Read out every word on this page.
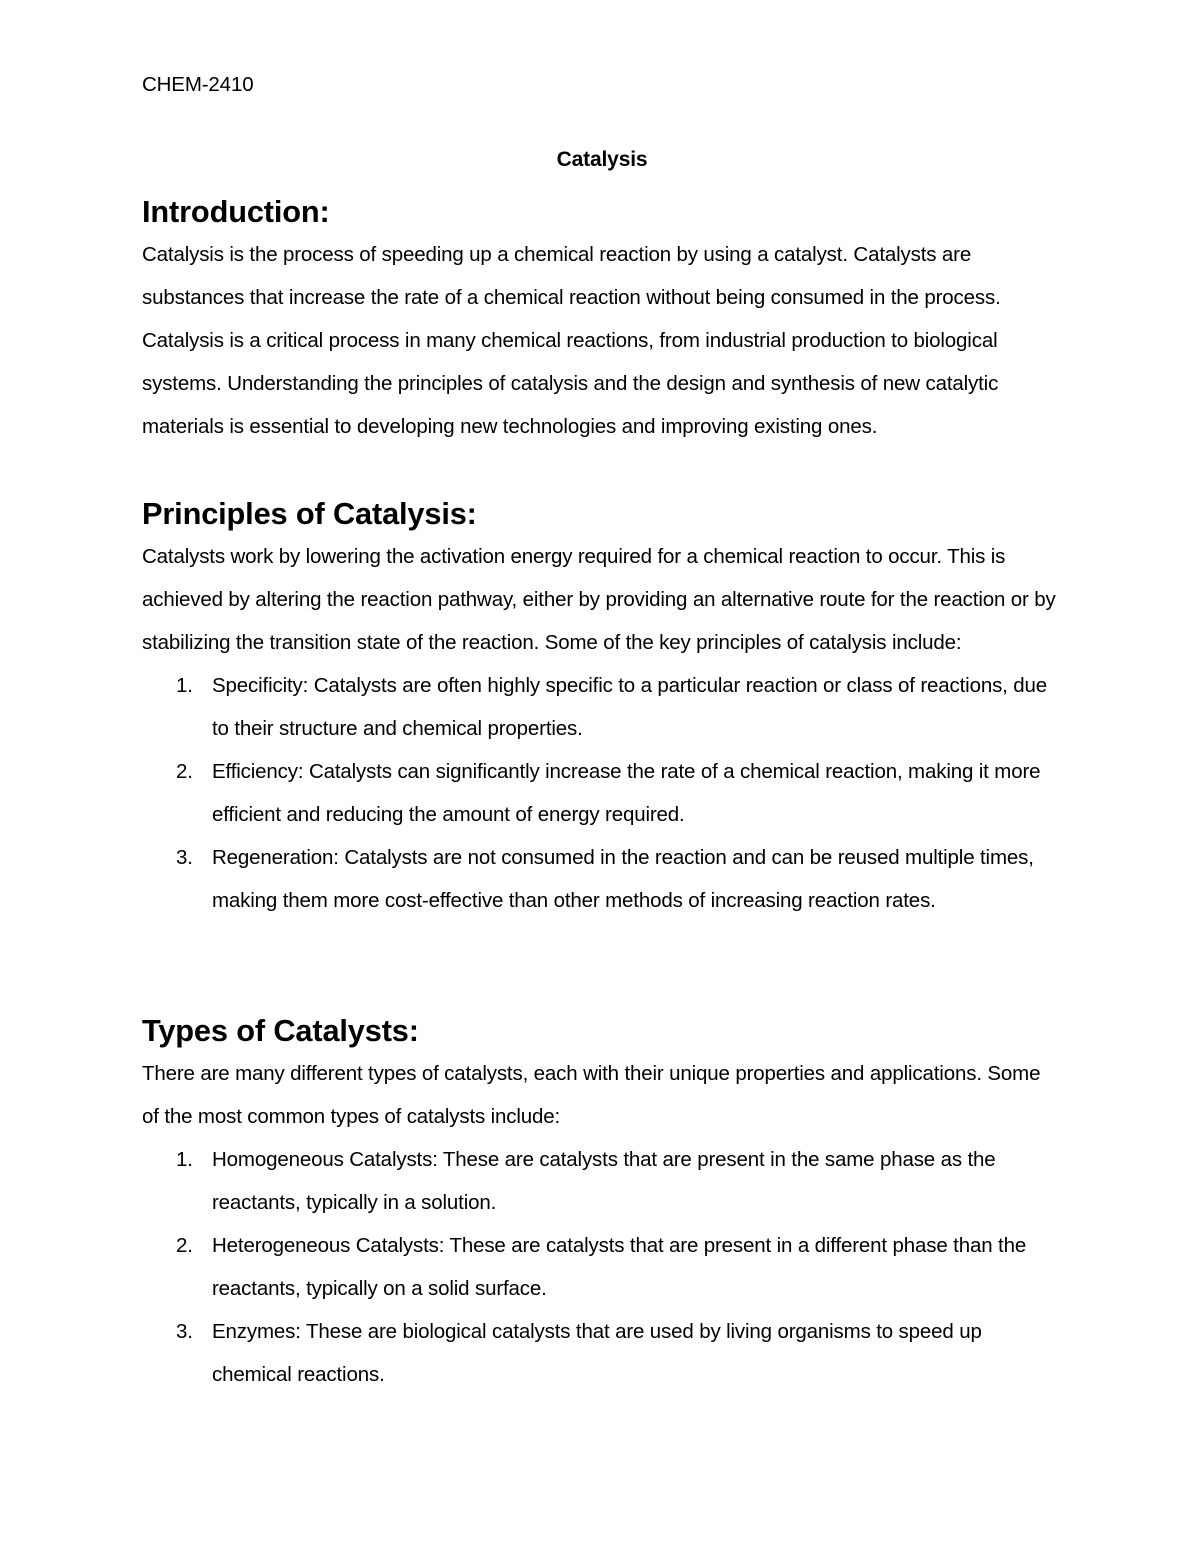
CHEM-2410

Catalysis
Introduction:

Catalysis is the process of speeding up a chemical reaction by using a catalyst. Catalysts are substances that increase the rate of a chemical reaction without being consumed in the process. Catalysis is a critical process in many chemical reactions, from industrial production to biological systems. Understanding the principles of catalysis and the design and synthesis of new catalytic materials is essential to developing new technologies and improving existing ones.

Principles of Catalysis:

Catalysts work by lowering the activation energy required for a chemical reaction to occur. This is achieved by altering the reaction pathway, either by providing an alternative route for the reaction or by stabilizing the transition state of the reaction. Some of the key principles of catalysis include:

1. Specificity: Catalysts are often highly specific to a particular reaction or class of reactions, due to their structure and chemical properties.
2. Efficiency: Catalysts can significantly increase the rate of a chemical reaction, making it more efficient and reducing the amount of energy required.
3. Regeneration: Catalysts are not consumed in the reaction and can be reused multiple times, making them more cost-effective than other methods of increasing reaction rates.
Types of Catalysts:

There are many different types of catalysts, each with their unique properties and applications. Some of the most common types of catalysts include:

1. Homogeneous Catalysts: These are catalysts that are present in the same phase as the reactants, typically in a solution.
2. Heterogeneous Catalysts: These are catalysts that are present in a different phase than the reactants, typically on a solid surface.
3. Enzymes: These are biological catalysts that are used by living organisms to speed up chemical reactions.
